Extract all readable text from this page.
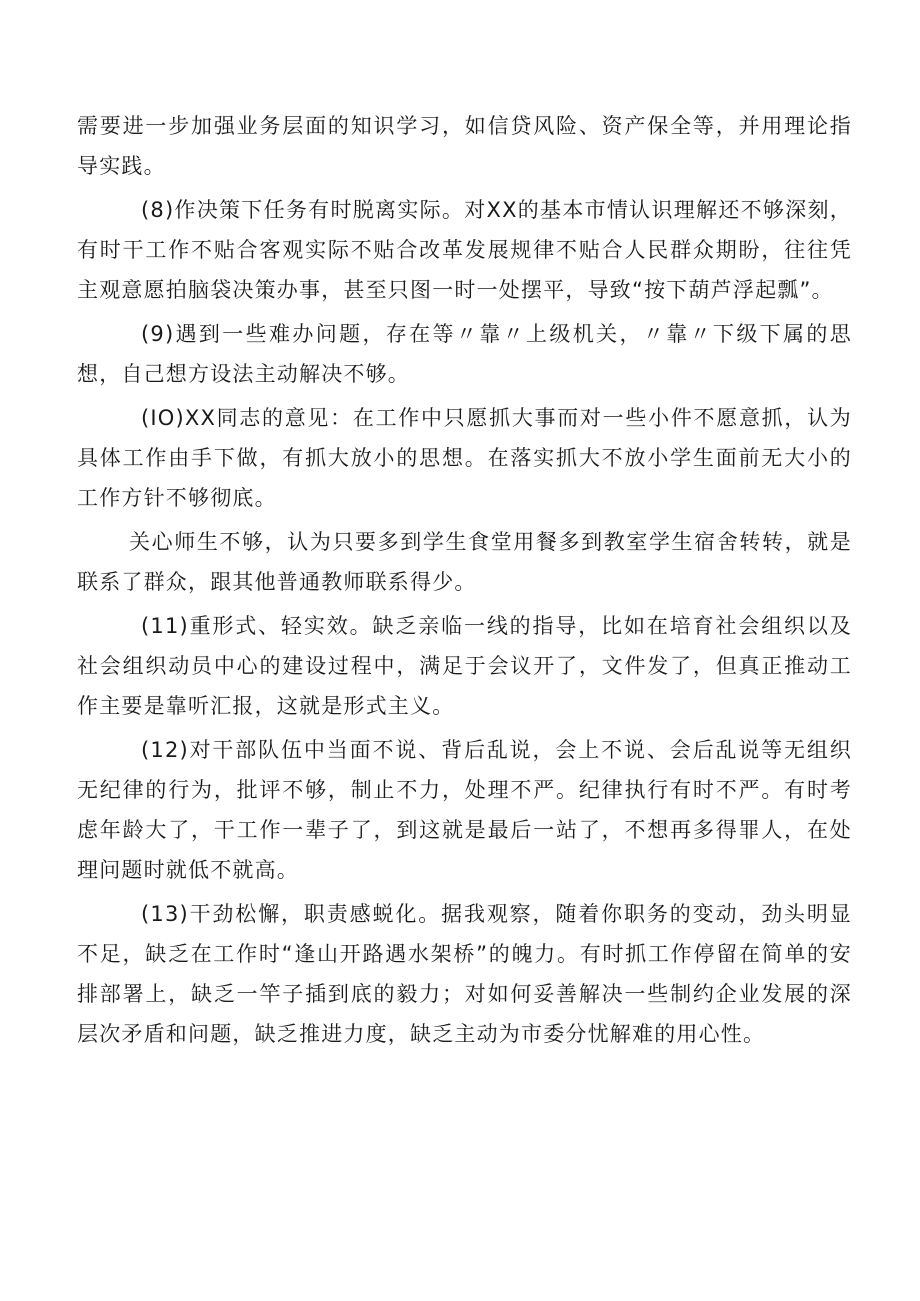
需要进一步加强业务层面的知识学习，如信贷风险、资产保全等，并用理论指导实践。

(8)作决策下任务有时脱离实际。对XX的基本市情认识理解还不够深刻，有时干工作不贴合客观实际不贴合改革发展规律不贴合人民群众期盼，往往凭主观意愿拍脑袋决策办事，甚至只图一时一处摆平，导致“按下葫芦浮起瓢”。

(9)遇到一些难办问题，存在等〃靠〃上级机关，〃靠〃下级下属的思想，自己想方设法主动解决不够。

(IO)XX同志的意见：在工作中只愿抓大事而对一些小件不愿意抓，认为具体工作由手下做，有抓大放小的思想。在落实抓大不放小学生面前无大小的工作方针不够彻底。

关心师生不够，认为只要多到学生食堂用餐多到教室学生宿舍转转，就是联系了群众，跟其他普通教师联系得少。

(11)重形式、轻实效。缺乏亲临一线的指导，比如在培育社会组织以及社会组织动员中心的建设过程中，满足于会议开了，文件发了，但真正推动工作主要是靠听汇报，这就是形式主义。

(12)对干部队伍中当面不说、背后乱说，会上不说、会后乱说等无组织无纪律的行为，批评不够，制止不力，处理不严。纪律执行有时不严。有时考虑年龄大了，干工作一辈子了，到这就是最后一站了，不想再多得罪人，在处理问题时就低不就高。

(13)干劲松懈，职责感蜕化。据我观察，随着你职务的变动，劲头明显不足，缺乏在工作时“逢山开路遇水架桥”的魄力。有时抓工作停留在简单的安排部署上，缺乏一竿子插到底的毅力；对如何妥善解决一些制约企业发展的深层次矛盾和问题，缺乏推进力度，缺乏主动为市委分忧解难的用心性。
